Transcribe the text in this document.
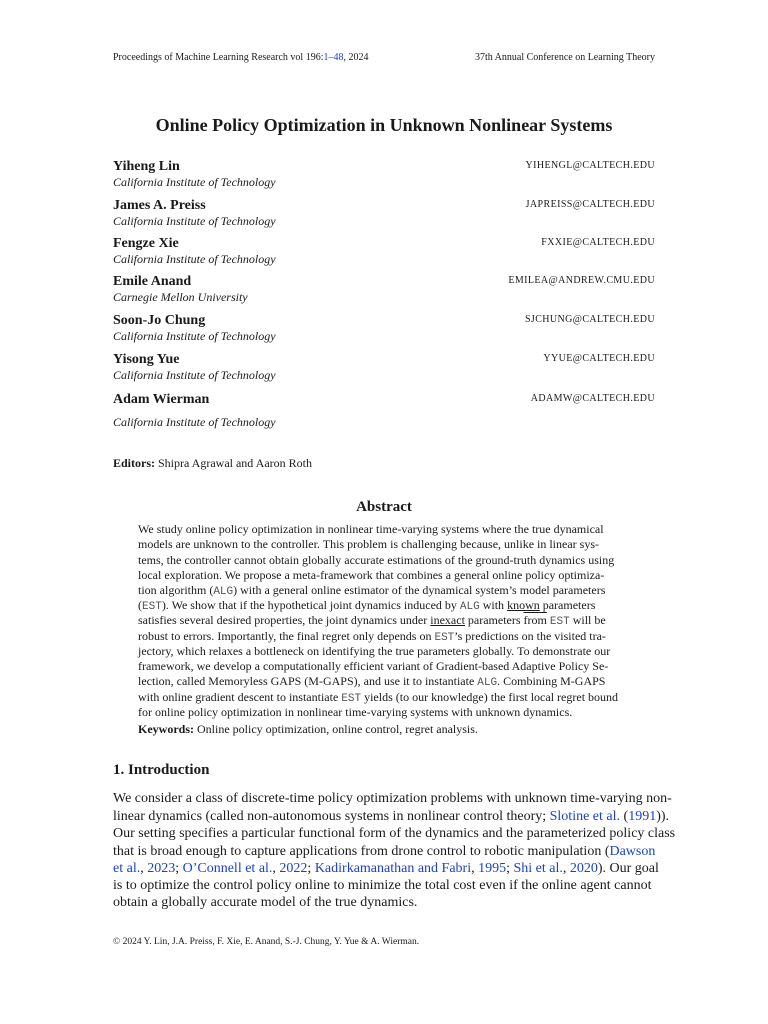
Proceedings of Machine Learning Research vol 196:1–48, 2024	37th Annual Conference on Learning Theory
Online Policy Optimization in Unknown Nonlinear Systems
Yiheng Lin
California Institute of Technology
YIHENGL@CALTECH.EDU
James A. Preiss
California Institute of Technology
JAPREISS@CALTECH.EDU
Fengze Xie
California Institute of Technology
FXXIE@CALTECH.EDU
Emile Anand
Carnegie Mellon University
EMILEA@ANDREW.CMU.EDU
Soon-Jo Chung
California Institute of Technology
SJCHUNG@CALTECH.EDU
Yisong Yue
California Institute of Technology
YYUE@CALTECH.EDU
Adam Wierman
California Institute of Technology
ADAMW@CALTECH.EDU
Editors: Shipra Agrawal and Aaron Roth
Abstract
We study online policy optimization in nonlinear time-varying systems where the true dynamical
models are unknown to the controller. This problem is challenging because, unlike in linear sys-
tems, the controller cannot obtain globally accurate estimations of the ground-truth dynamics using
local exploration. We propose a meta-framework that combines a general online policy optimiza-
tion algorithm (ALG) with a general online estimator of the dynamical system’s model parameters
(EST). We show that if the hypothetical joint dynamics induced by ALG with known parameters
satisfies several desired properties, the joint dynamics under inexact parameters from EST will be
robust to errors. Importantly, the final regret only depends on EST’s predictions on the visited tra-
jectory, which relaxes a bottleneck on identifying the true parameters globally. To demonstrate our
framework, we develop a computationally efficient variant of Gradient-based Adaptive Policy Se-
lection, called Memoryless GAPS (M-GAPS), and use it to instantiate ALG. Combining M-GAPS
with online gradient descent to instantiate EST yields (to our knowledge) the first local regret bound
for online policy optimization in nonlinear time-varying systems with unknown dynamics.
Keywords: Online policy optimization, online control, regret analysis.
1. Introduction
We consider a class of discrete-time policy optimization problems with unknown time-varying non-
linear dynamics (called non-autonomous systems in nonlinear control theory; Slotine et al. (1991)).
Our setting specifies a particular functional form of the dynamics and the parameterized policy class
that is broad enough to capture applications from drone control to robotic manipulation (Dawson
et al., 2023; O’Connell et al., 2022; Kadirkamanathan and Fabri, 1995; Shi et al., 2020). Our goal
is to optimize the control policy online to minimize the total cost even if the online agent cannot
obtain a globally accurate model of the true dynamics.
© 2024 Y. Lin, J.A. Preiss, F. Xie, E. Anand, S.-J. Chung, Y. Yue & A. Wierman.
